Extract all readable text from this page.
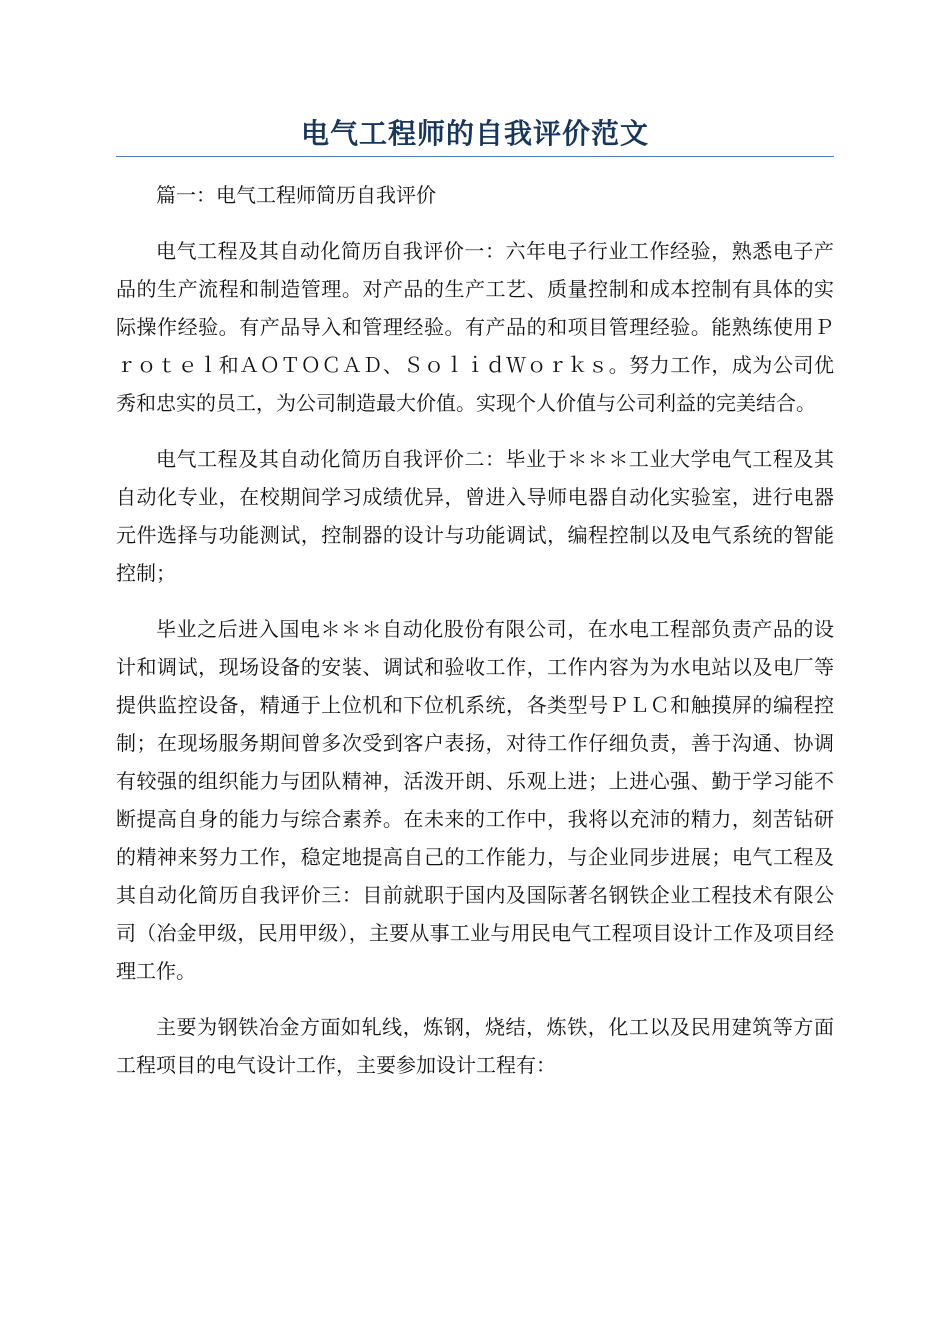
电气工程师的自我评价范文

篇一：电气工程师简历自我评价

电气工程及其自动化简历自我评价一：六年电子行业工作经验，熟悉电子产品的生产流程和制造管理。对产品的生产工艺、质量控制和成本控制有具体的实际操作经验。有产品导入和管理经验。有产品的和项目管理经验。能熟练使用Ｐｒｏｔｅｌ和ＡＯＴＯＣＡＤ、ＳｏｌｉｄＷｏｒｋｓ。努力工作，成为公司优秀和忠实的员工，为公司制造最大价值。实现个人价值与公司利益的完美结合。

电气工程及其自动化简历自我评价二：毕业于＊＊＊工业大学电气工程及其自动化专业，在校期间学习成绩优异，曾进入导师电器自动化实验室，进行电器元件选择与功能测试，控制器的设计与功能调试，编程控制以及电气系统的智能控制；

毕业之后进入国电＊＊＊自动化股份有限公司，在水电工程部负责产品的设计和调试，现场设备的安装、调试和验收工作，工作内容为为水电站以及电厂等提供监控设备，精通于上位机和下位机系统，各类型号ＰＬＣ和触摸屏的编程控制；在现场服务期间曾多次受到客户表扬，对待工作仔细负责，善于沟通、协调有较强的组织能力与团队精神，活泼开朗、乐观上进；上进心强、勤于学习能不断提高自身的能力与综合素养。在未来的工作中，我将以充沛的精力，刻苦钻研的精神来努力工作，稳定地提高自己的工作能力，与企业同步进展；电气工程及其自动化简历自我评价三：目前就职于国内及国际著名钢铁企业工程技术有限公司（冶金甲级，民用甲级），主要从事工业与用民电气工程项目设计工作及项目经理工作。

主要为钢铁冶金方面如轧线，炼钢，烧结，炼铁，化工以及民用建筑等方面工程项目的电气设计工作，主要参加设计工程有：
